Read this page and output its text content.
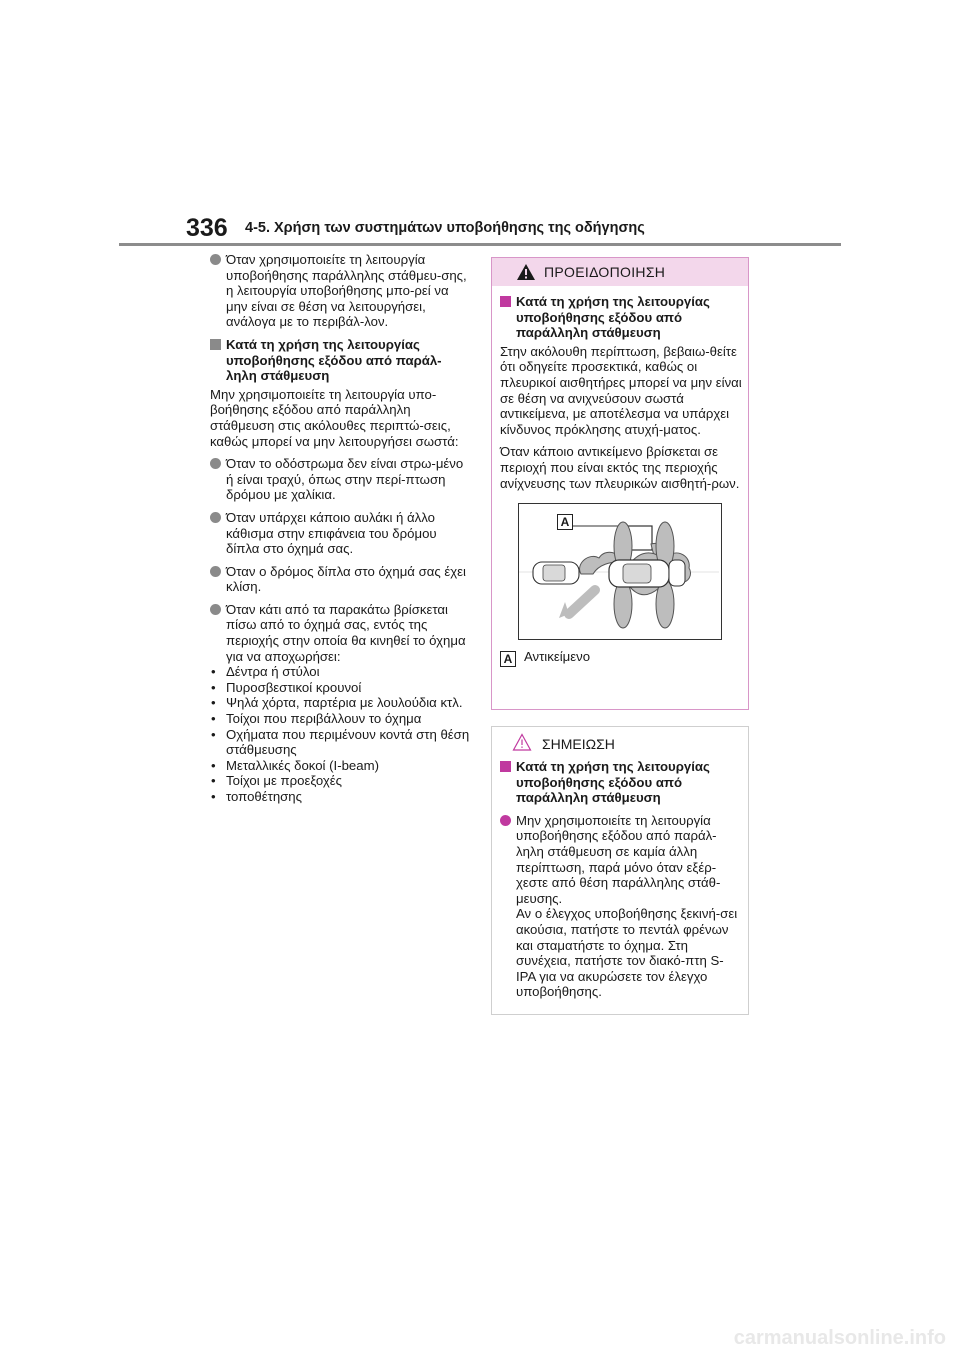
336 4-5. Χρήση των συστημάτων υποβοήθησης της οδήγησης
Όταν χρησιμοποιείτε τη λειτουργία υποβοήθησης παράλληλης στάθμευ-σης, η λειτουργία υποβοήθησης μπο-ρεί να μην είναι σε θέση να λειτουργήσει, ανάλογα με το περιβάλ-λον.
Κατά τη χρήση της λειτουργίας υποβοήθησης εξόδου από παράλ-ληλη στάθμευση
Μην χρησιμοποιείτε τη λειτουργία υπο-βοήθησης εξόδου από παράλληλη στάθμευση στις ακόλουθες περιπτώ-σεις, καθώς μπορεί να μην λειτουργήσει σωστά:
Όταν το οδόστρωμα δεν είναι στρω-μένο ή είναι τραχύ, όπως στην περί-πτωση δρόμου με χαλίκια.
Όταν υπάρχει κάποιο αυλάκι ή άλλο κάθισμα στην επιφάνεια του δρόμου δίπλα στο όχημά σας.
Όταν ο δρόμος δίπλα στο όχημά σας έχει κλίση.
Όταν κάτι από τα παρακάτω βρίσκεται πίσω από το όχημά σας, εντός της περιοχής στην οποία θα κινηθεί το όχημα για να αποχωρήσει:
• Δέντρα ή στύλοι
• Πυροσβεστικοί κρουνοί
• Ψηλά χόρτα, παρτέρια με λουλούδια κτλ.
• Τοίχοι που περιβάλλουν το όχημα
• Οχήματα που περιμένουν κοντά στη θέση στάθμευσης
• Μεταλλικές δοκοί (I-beam)
• Τοίχοι με προεξοχές
• τοποθέτησης
ΠΡΟΕΙΔΟΠΟΙΗΣΗ
Κατά τη χρήση της λειτουργίας υποβοήθησης εξόδου από παράλληλη στάθμευση
Στην ακόλουθη περίπτωση, βεβαιω-θείτε ότι οδηγείτε προσεκτικά, καθώς οι πλευρικοί αισθητήρες μπορεί να μην είναι σε θέση να ανιχνεύσουν σωστά αντικείμενα, με αποτέλεσμα να υπάρχει κίνδυνος πρόκλησης ατυχή-ματος.
Όταν κάποιο αντικείμενο βρίσκεται σε περιοχή που είναι εκτός της περιοχής ανίχνευσης των πλευρικών αισθητή-ρων.
A
A Αντικείμενο
ΣΗΜΕΙΩΣΗ
Κατά τη χρήση της λειτουργίας υποβοήθησης εξόδου από παράλληλη στάθμευση
Μην χρησιμοποιείτε τη λειτουργία υποβοήθησης εξόδου από παράλ-ληλη στάθμευση σε καμία άλλη περίπτωση, παρά μόνο όταν εξέρ-χεστε από θέση παράλληλης στάθ-μευσης.
Αν ο έλεγχος υποβοήθησης ξεκινή-σει ακούσια, πατήστε το πεντάλ φρένων και σταματήστε το όχημα. Στη συνέχεια, πατήστε τον διακό-πτη S-IPA για να ακυρώσετε τον έλεγχο υποβοήθησης.
carmanualsonline.info
